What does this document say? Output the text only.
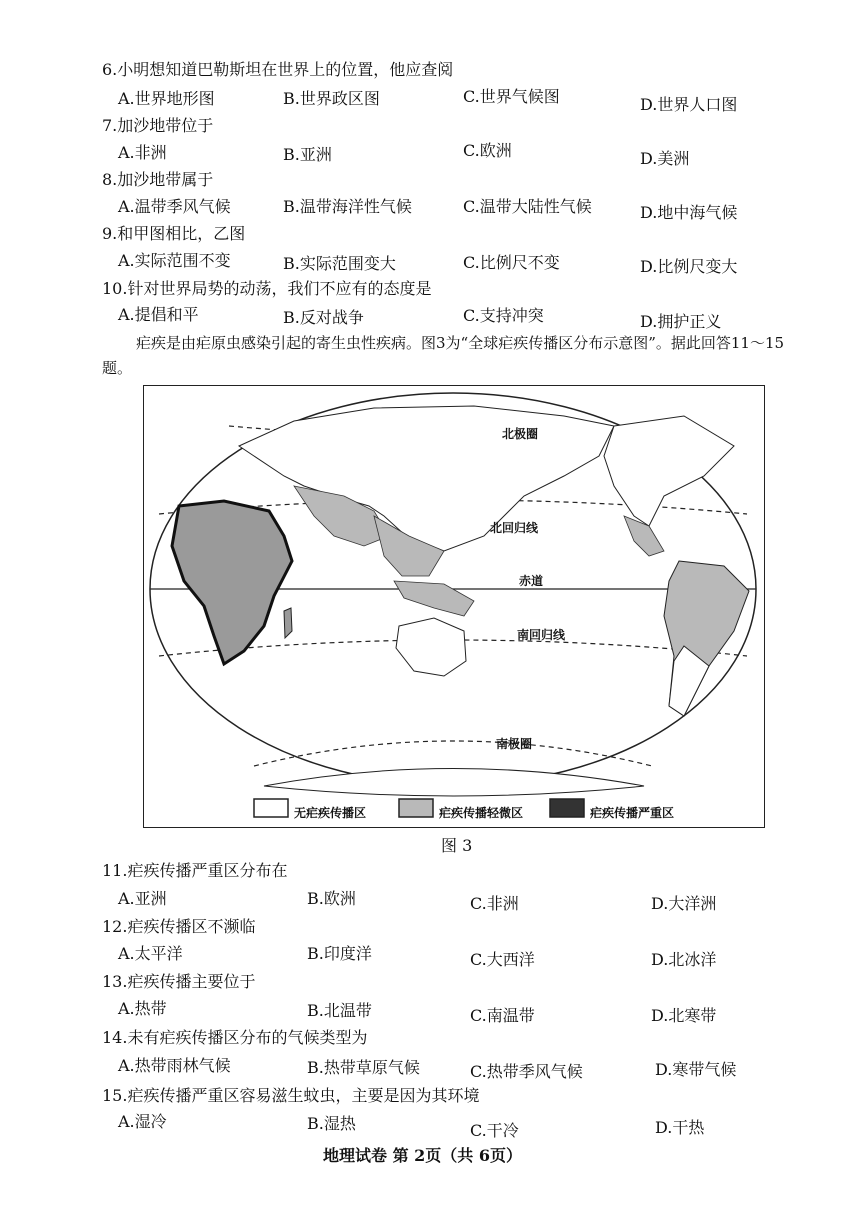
6.小明想知道巴勒斯坦在世界上的位置，他应查阅
A.世界地形图	B.世界政区图	C.世界气候图	D.世界人口图
7.加沙地带位于
A.非洲	B.亚洲	C.欧洲	D.美洲
8.加沙地带属于
A.温带季风气候	B.温带海洋性气候	C.温带大陆性气候	D.地中海气候
9.和甲图相比，乙图
A.实际范围不变	B.实际范围变大	C.比例尺不变	D.比例尺变大
10.针对世界局势的动荡，我们不应有的态度是
A.提倡和平	B.反对战争	C.支持冲突	D.拥护正义
疟疾是由疟原虫感染引起的寄生虫性疾病。图3为“全球疟疾传播区分布示意图”。据此回答11～15题。
北极圈
北回归线
赤道
南回归线
南极圈
无疟疾传播区	疟疾传播轻微区	疟疾传播严重区
图 3
11.疟疾传播严重区分布在
A.亚洲	B.欧洲	C.非洲	D.大洋洲
12.疟疾传播区不濒临
A.太平洋	B.印度洋	C.大西洋	D.北冰洋
13.疟疾传播主要位于
A.热带	B.北温带	C.南温带	D.北寒带
14.未有疟疾传播区分布的气候类型为
A.热带雨林气候	B.热带草原气候	C.热带季风气候	D.寒带气候
15.疟疾传播严重区容易滋生蚊虫，主要是因为其环境
A.湿冷	B.湿热	C.干冷	D.干热
地理试卷 第 2页（共 6页）
